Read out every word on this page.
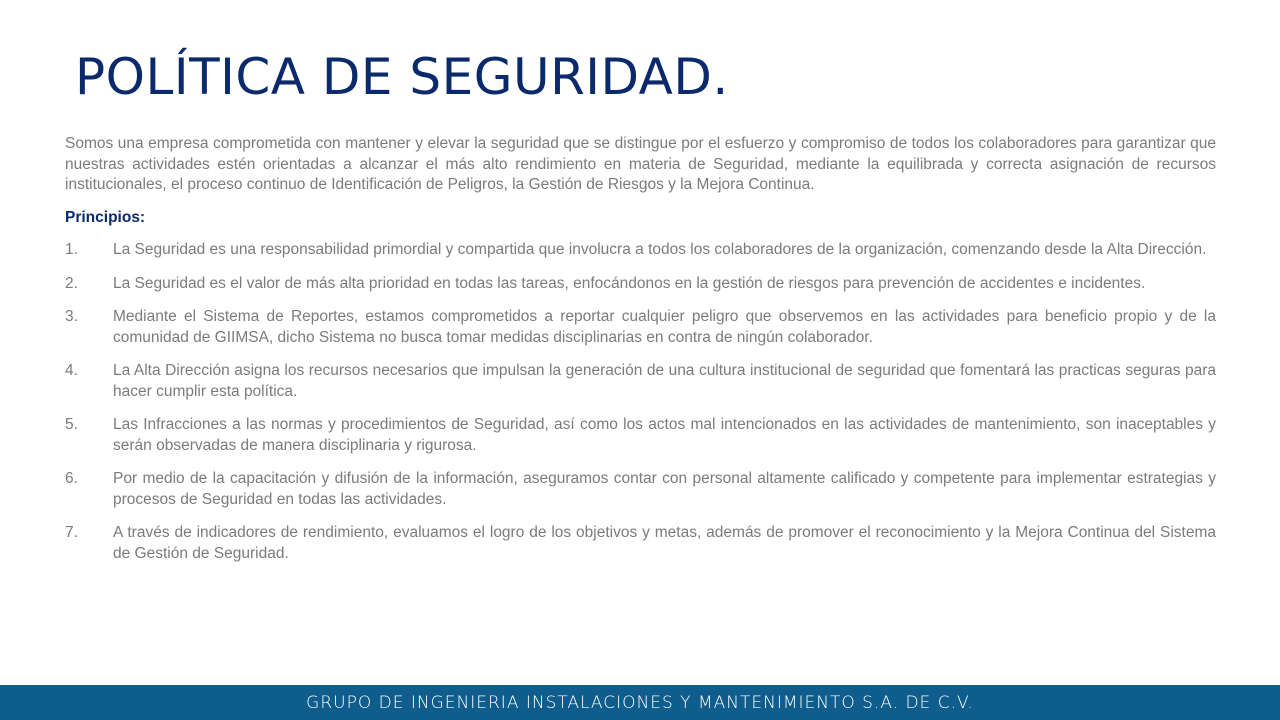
POLÍTICA DE SEGURIDAD.

Somos una empresa comprometida con mantener y elevar la seguridad que se distingue por el esfuerzo y compromiso de todos los colaboradores para garantizar que nuestras actividades estén orientadas a alcanzar el más alto rendimiento en materia de Seguridad, mediante la equilibrada y correcta asignación de recursos institucionales, el proceso continuo de Identificación de Peligros, la Gestión de Riesgos y la Mejora Continua.

Principios:

1.	La Seguridad es una responsabilidad primordial y compartida que involucra a todos los colaboradores de la organización, comenzando desde la Alta Dirección.
2.	La Seguridad es el valor de más alta prioridad en todas las tareas, enfocándonos en la gestión de riesgos para prevención de accidentes e incidentes.
3.	Mediante el Sistema de Reportes, estamos comprometidos a reportar cualquier peligro que observemos en las actividades para beneficio propio y de la comunidad de GIIMSA, dicho Sistema no busca tomar medidas disciplinarias en contra de ningún colaborador.
4.	La Alta Dirección asigna los recursos necesarios que impulsan la generación de una cultura institucional de seguridad que fomentará las practicas seguras para hacer cumplir esta política.
5.	Las Infracciones a las normas y procedimientos de Seguridad, así como los actos mal intencionados en las actividades de mantenimiento, son inaceptables y serán observadas de manera disciplinaria y rigurosa.
6.	Por medio de la capacitación y difusión de la información, aseguramos contar con personal altamente calificado y competente para implementar estrategias y procesos de Seguridad en todas las actividades.
7.	A través de indicadores de rendimiento, evaluamos el logro de los objetivos y metas, además de promover el reconocimiento y la Mejora Continua del Sistema de Gestión de Seguridad.
GRUPO DE INGENIERIA INSTALACIONES Y MANTENIMIENTO S.A. DE C.V.
